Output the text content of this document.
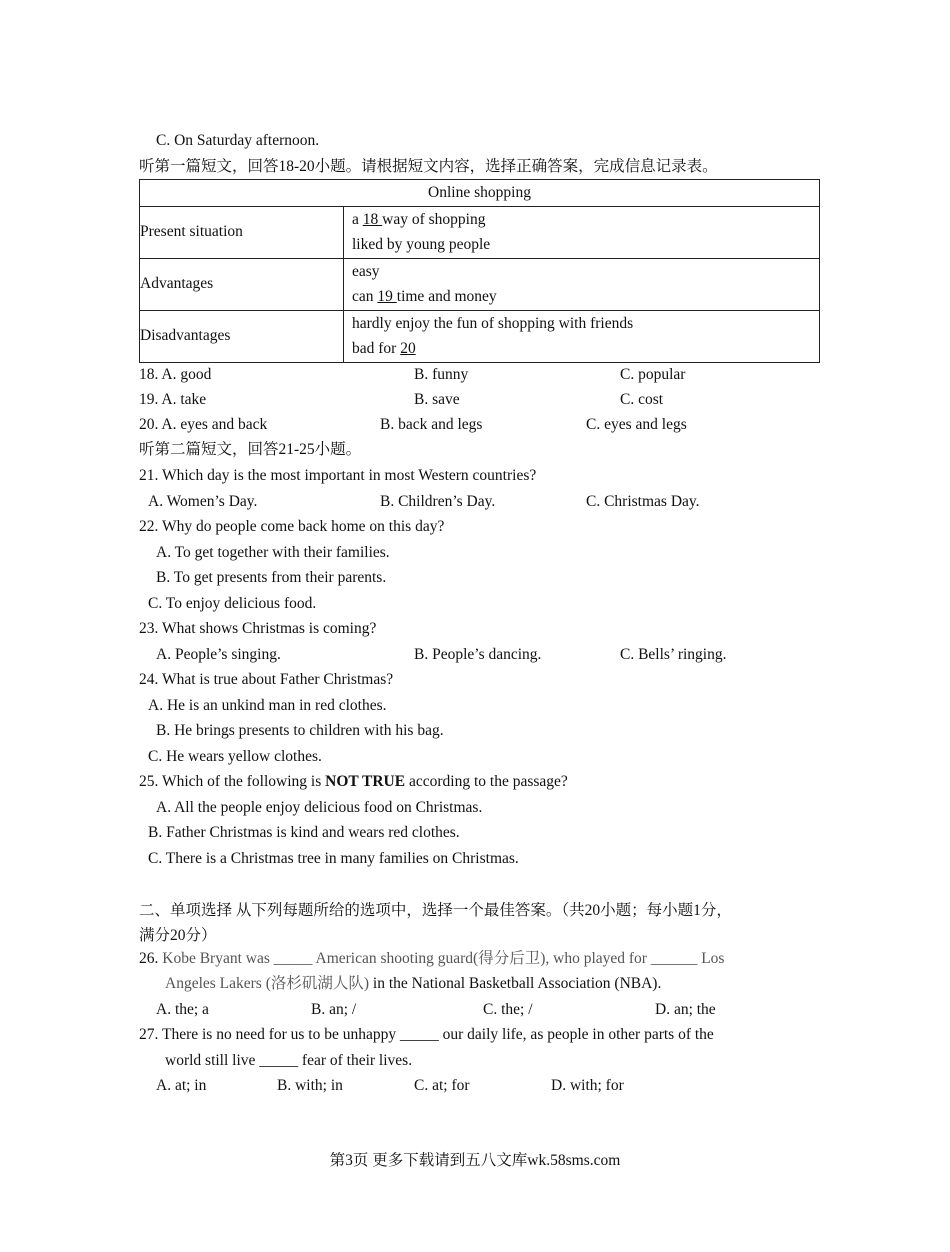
C. On Saturday afternoon.
听第一篇短文，回答18-20小题。请根据短文内容，选择正确答案，完成信息记录表。
Online shopping	
Present situation	a 18 way of shopping
liked by young people

Advantages	easy
can 19 time and money

Disadvantages	hardly enjoy the fun of shopping with friends
bad for 20
18. A. good	B. funny	C. popular
19. A. take	B. save	C. cost
20. A. eyes and back	B. back and legs	C. eyes and legs
听第二篇短文，回答21-25小题。
21. Which day is the most important in most Western countries?
A. Women’s Day.	B. Children’s Day.	C. Christmas Day.
22. Why do people come back home on this day?
A. To get together with their families.
B. To get presents from their parents.
C. To enjoy delicious food.
23. What shows Christmas is coming?
A. People’s singing.	B. People’s dancing.	C. Bells’ ringing.
24. What is true about Father Christmas?
A. He is an unkind man in red clothes.
B. He brings presents to children with his bag.
C. He wears yellow clothes.
25. Which of the following is NOT TRUE according to the passage?
A. All the people enjoy delicious food on Christmas.
B. Father Christmas is kind and wears red clothes.
C. There is a Christmas tree in many families on Christmas.
二、单项选择 从下列每题所给的选项中，选择一个最佳答案。（共20小题；每小题1分，
满分20分）
26. Kobe Bryant was _____ American shooting guard(得分后卫), who played for ______ Los
Angeles Lakers (洛杉矶湖人队) in the National Basketball Association (NBA).
A. the; a	B. an; /	C. the; /	D. an; the
27. There is no need for us to be unhappy _____ our daily life, as people in other parts of the
world still live _____ fear of their lives.
A. at; in	B. with; in	C. at; for	D. with; for
第3页 更多下载请到五八文库wk.58sms.com
